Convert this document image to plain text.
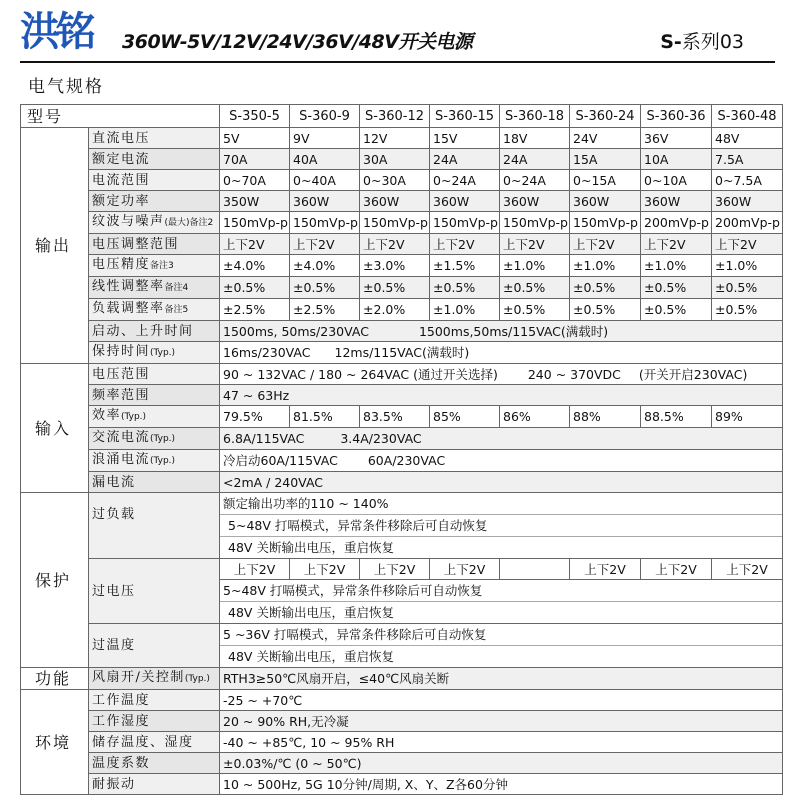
洪铭 360W-5V/12V/24V/36V/48V开关电源	S-系列03
电气规格
型号		S-350-5	S-360-9	S-360-12	S-360-15	S-360-18	S-360-24	S-360-36	S-360-48
输出	直流电压	5V	9V	12V	15V	18V	24V	36V	48V
	额定电流	70A	40A	30A	24A	24A	15A	10A	7.5A
	电流范围	0~70A	0~40A	0~30A	0~24A	0~24A	0~15A	0~10A	0~7.5A
	额定功率	350W	360W	360W	360W	360W	360W	360W	360W
	纹波与噪声(最大)备注2	150mVp-p	150mVp-p	150mVp-p	150mVp-p	150mVp-p	150mVp-p	200mVp-p	200mVp-p
	电压调整范围	上下2V	上下2V	上下2V	上下2V	上下2V	上下2V	上下2V	上下2V
	电压精度备注3	±4.0%	±4.0%	±3.0%	±1.5%	±1.0%	±1.0%	±1.0%	±1.0%
	线性调整率备注4	±0.5%	±0.5%	±0.5%	±0.5%	±0.5%	±0.5%	±0.5%	±0.5%
	负载调整率备注5	±2.5%	±2.5%	±2.0%	±1.0%	±0.5%	±0.5%	±0.5%	±0.5%
	启动、上升时间	1500ms, 50ms/230VAC 1500ms,50ms/115VAC(满载时)							
	保持时间(Typ.)	16ms/230VAC 12ms/115VAC(满载时)							
输入	电压范围	90 ~ 132VAC / 180 ~ 264VAC (通过开关选择) 240 ~ 370VDC (开关开启230VAC)							
	频率范围	47 ~ 63Hz							
	效率(Typ.)	79.5%	81.5%	83.5%	85%	86%	88%	88.5%	89%
	交流电流(Typ.)	6.8A/115VAC 3.4A/230VAC							
	浪涌电流(Typ.)	冷启动60A/115VAC 60A/230VAC							
	漏电流	<2mA / 240VAC							
保护	过负载	额定输出功率的110 ~ 140%
5~48V 打嗝模式，异常条件移除后可自动恢复
48V 关断输出电压，重启恢复							

	过电压	上下2V	上下2V	上下2V	上下2V		上下2V	上下2V	上下2V

		5~48V 打嗝模式，异常条件移除后可自动恢复
48V 关断输出电压，重启恢复							

	过温度	5 ~36V 打嗝模式，异常条件移除后可自动恢复
48V 关断输出电压，重启恢复							

功能	风扇开/关控制(Typ.)	RTH3≥50℃风扇开启，≤40℃风扇关断							
环境	工作温度	-25 ~ +70℃							
	工作湿度	20 ~ 90% RH,无冷凝							
	储存温度、湿度	-40 ~ +85℃, 10 ~ 95% RH							
	温度系数	±0.03%/℃ (0 ~ 50℃)							
	耐振动	10 ~ 500Hz, 5G 10分钟/周期, X、Y、Z各60分钟							
